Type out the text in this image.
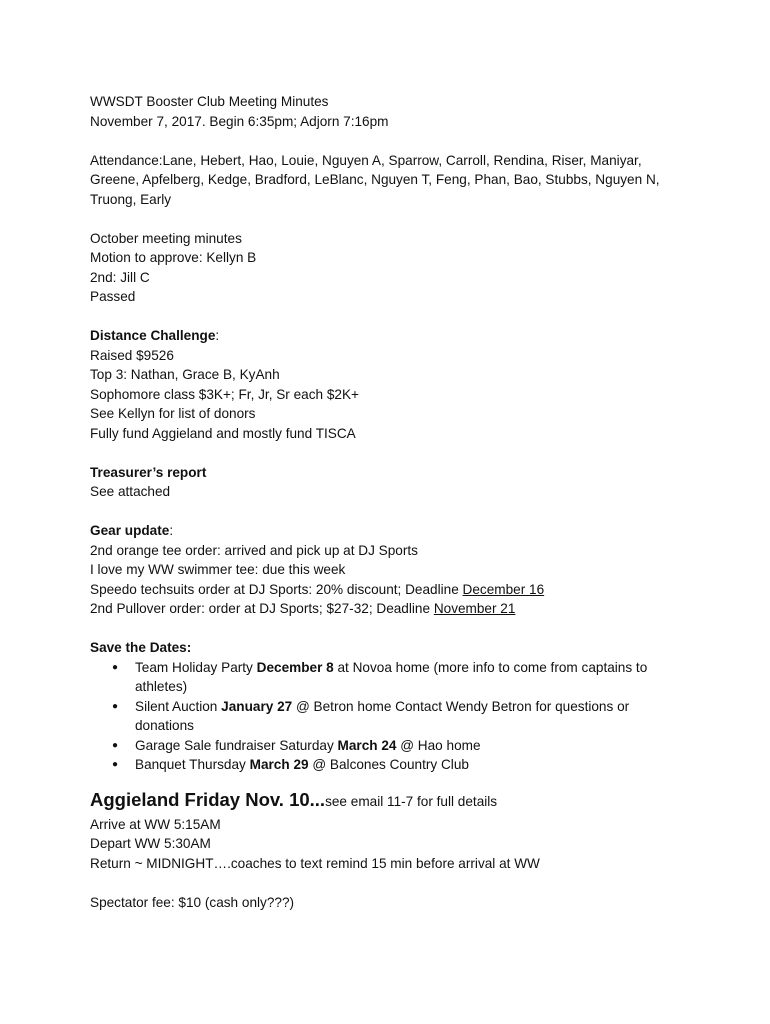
WWSDT Booster Club Meeting Minutes
November 7, 2017. Begin 6:35pm; Adjorn 7:16pm
Attendance:Lane, Hebert, Hao, Louie, Nguyen A, Sparrow, Carroll, Rendina, Riser, Maniyar, Greene, Apfelberg, Kedge, Bradford, LeBlanc, Nguyen T, Feng, Phan, Bao, Stubbs, Nguyen N, Truong, Early
October meeting minutes
Motion to approve: Kellyn B
2nd: Jill C
Passed
Distance Challenge:
Raised $9526
Top 3: Nathan, Grace B, KyAnh
Sophomore class $3K+; Fr, Jr, Sr each $2K+
See Kellyn for list of donors
Fully fund Aggieland and mostly fund TISCA
Treasurer’s report
See attached
Gear update:
2nd orange tee order: arrived and pick up at DJ Sports
I love my WW swimmer tee: due this week
Speedo techsuits order at DJ Sports: 20% discount; Deadline December 16
2nd Pullover order: order at DJ Sports; $27-32; Deadline November 21
Save the Dates:
● Team Holiday Party December 8 at Novoa home (more info to come from captains to athletes)
● Silent Auction January 27 @ Betron home Contact Wendy Betron for questions or donations
● Garage Sale fundraiser Saturday March 24 @ Hao home
● Banquet Thursday March 29 @ Balcones Country Club
Aggieland Friday Nov. 10...see email 11-7 for full details
Arrive at WW 5:15AM
Depart WW 5:30AM
Return ~ MIDNIGHT….coaches to text remind 15 min before arrival at WW
Spectator fee: $10 (cash only???)
